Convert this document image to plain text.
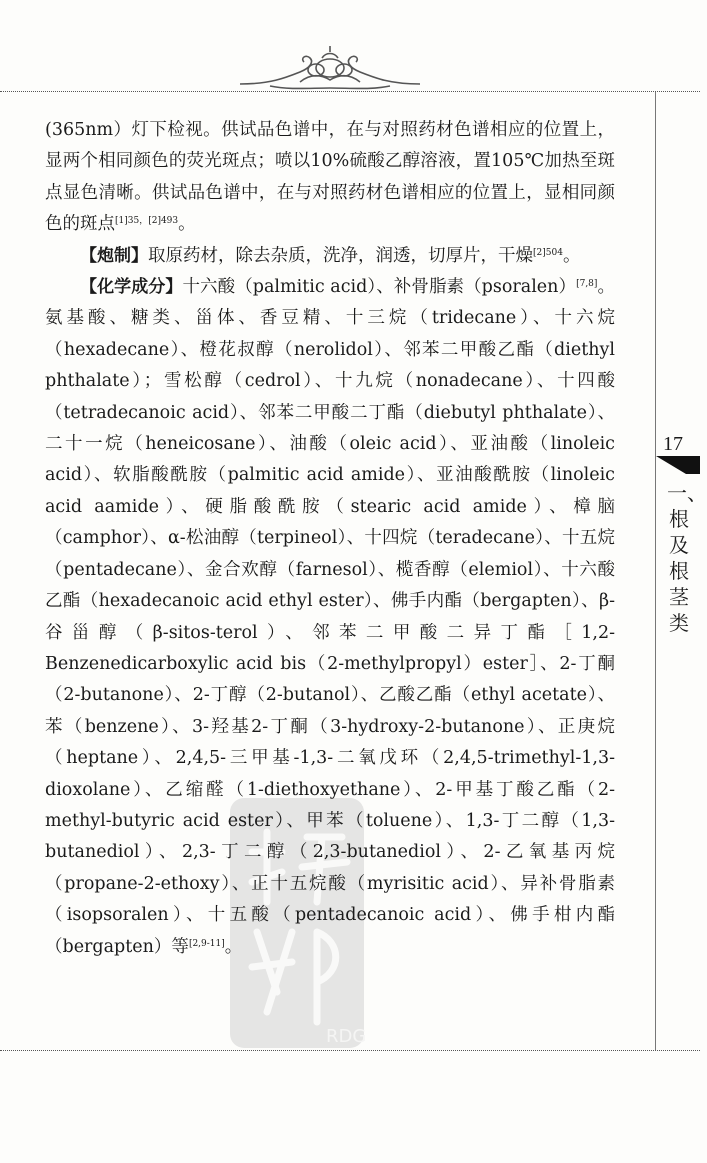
17
一、根及根茎类
RDG

(365nm）灯下检视。供试品色谱中，在与对照药材色谱相应的位置上，显两个相同颜色的荧光斑点；喷以10%硫酸乙醇溶液，置105℃加热至斑点显色清晰。供试品色谱中，在与对照药材色谱相应的位置上，显相同颜色的斑点$^{[1]35,[2]493}$。

【炮制】取原药材，除去杂质，洗净，润透，切厚片，干燥$^{[2]504}$。

【化学成分】十六酸（palmitic acid）、补骨脂素（psoralen）[7,8]。氨基酸、糖类、甾体、香豆精、十三烷（tridecane）、十六烷（hexadecane）、橙花叔醇（nerolidol）、邻苯二甲酸乙酯（diethyl phthalate）；雪松醇（cedrol）、十九烷（nonadecane）、十四酸（tetradecanoic acid）、邻苯二甲酸二丁酯（diebutyl phthalate）、二十一烷（heneicosane）、油酸（oleic acid）、亚油酸（linoleic acid）、软脂酸酰胺（palmitic acid amide）、亚油酸酰胺（linoleic acid aamide）、硬脂酸酰胺（stearic acid amide）、樟脑（camphor）、α-松油醇（terpineol）、十四烷（teradecane）、十五烷（pentadecane）、金合欢醇（farnesol）、榄香醇（elemiol）、十六酸乙酯（hexadecanoic acid ethyl ester）、佛手内酯（bergapten）、β-谷甾醇（β-sitos-terol）、邻苯二甲酸二异丁酯［1,2-Benzenedicarboxylic acid bis（2-methylpropyl）ester］、2-丁酮（2-butanone）、2-丁醇（2-butanol）、乙酸乙酯（ethyl acetate）、苯（benzene）、3-羟基2-丁酮（3-hydroxy-2-butanone）、正庚烷（heptane）、2,4,5-三甲基-1,3-二氧戊环（2,4,5-trimethyl-1,3-dioxolane）、乙缩醛（1-diethoxyethane）、2-甲基丁酸乙酯（2-methyl-butyric acid ester）、甲苯（toluene）、1,3-丁二醇（1,3-butanediol）、2,3-丁二醇（2,3-butanediol）、2-乙氧基丙烷（propane-2-ethoxy）、正十五烷酸（myrisitic acid）、异补骨脂素（isopsoralen）、十五酸（pentadecanoic acid）、佛手柑内酯（bergapten）等[2,9-11]。
